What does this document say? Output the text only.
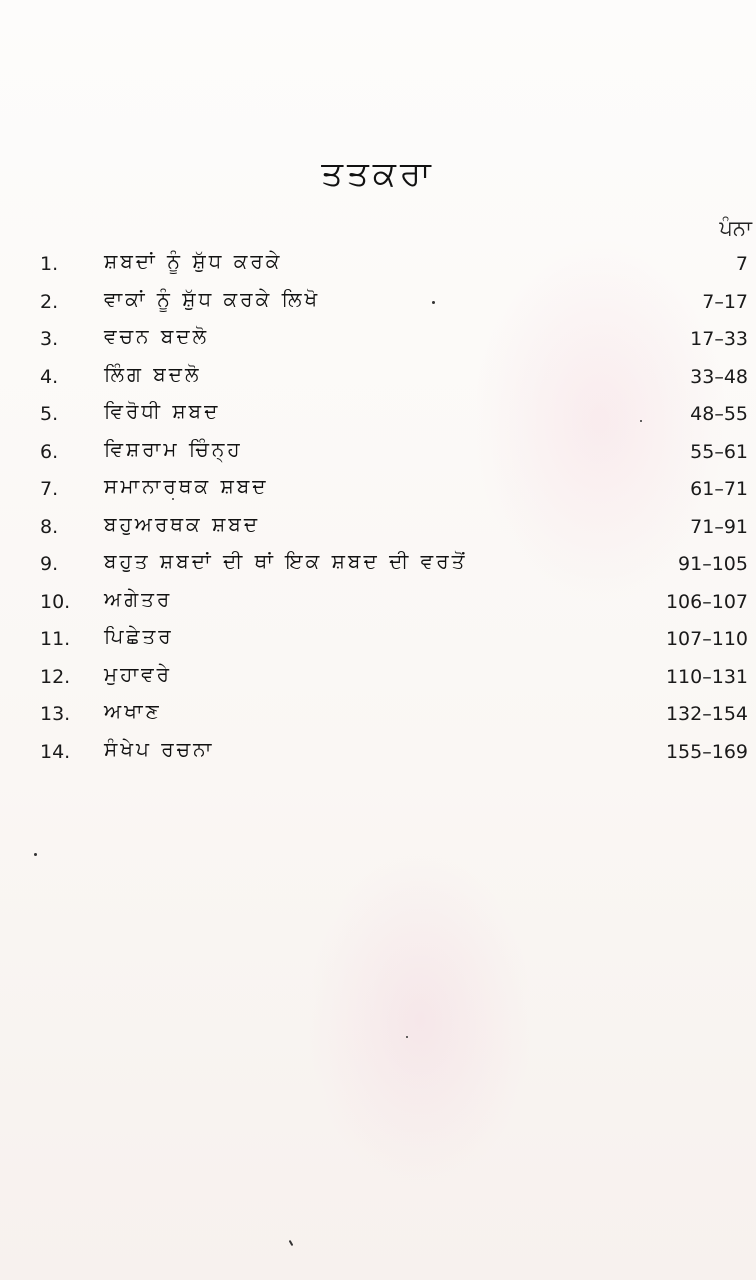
ਤਤਕਰਾ
ਪੰਨਾ
1. ਸ਼ਬਦਾਂ ਨੂੰ ਸ਼ੁੱਧ ਕਰਕੇ	7
2. ਵਾਕਾਂ ਨੂੰ ਸ਼ੁੱਧ ਕਰਕੇ ਲਿਖੋ	7–17
3. ਵਚਨ ਬਦਲੋ	17–33
4. ਲਿੰਗ ਬਦਲੋ	33–48
5. ਵਿਰੋਧੀ ਸ਼ਬਦ	48–55
6. ਵਿਸ਼ਰਾਮ ਚਿੰਨ੍ਹ	55–61
7. ਸਮਾਨਾਰਥਕ ਸ਼ਬਦ	61–71
8. ਬਹੁਅਰਥਕ ਸ਼ਬਦ	71–91
9. ਬਹੁਤ ਸ਼ਬਦਾਂ ਦੀ ਥਾਂ ਇਕ ਸ਼ਬਦ ਦੀ ਵਰਤੋਂ	91–105
10. ਅਗੇਤਰ	106–107
11. ਪਿਛੇਤਰ	107–110
12. ਮੁਹਾਵਰੇ	110–131
13. ਅਖਾਣ	132–154
14. ਸੰਖੇਪ ਰਚਨਾ	155–169
